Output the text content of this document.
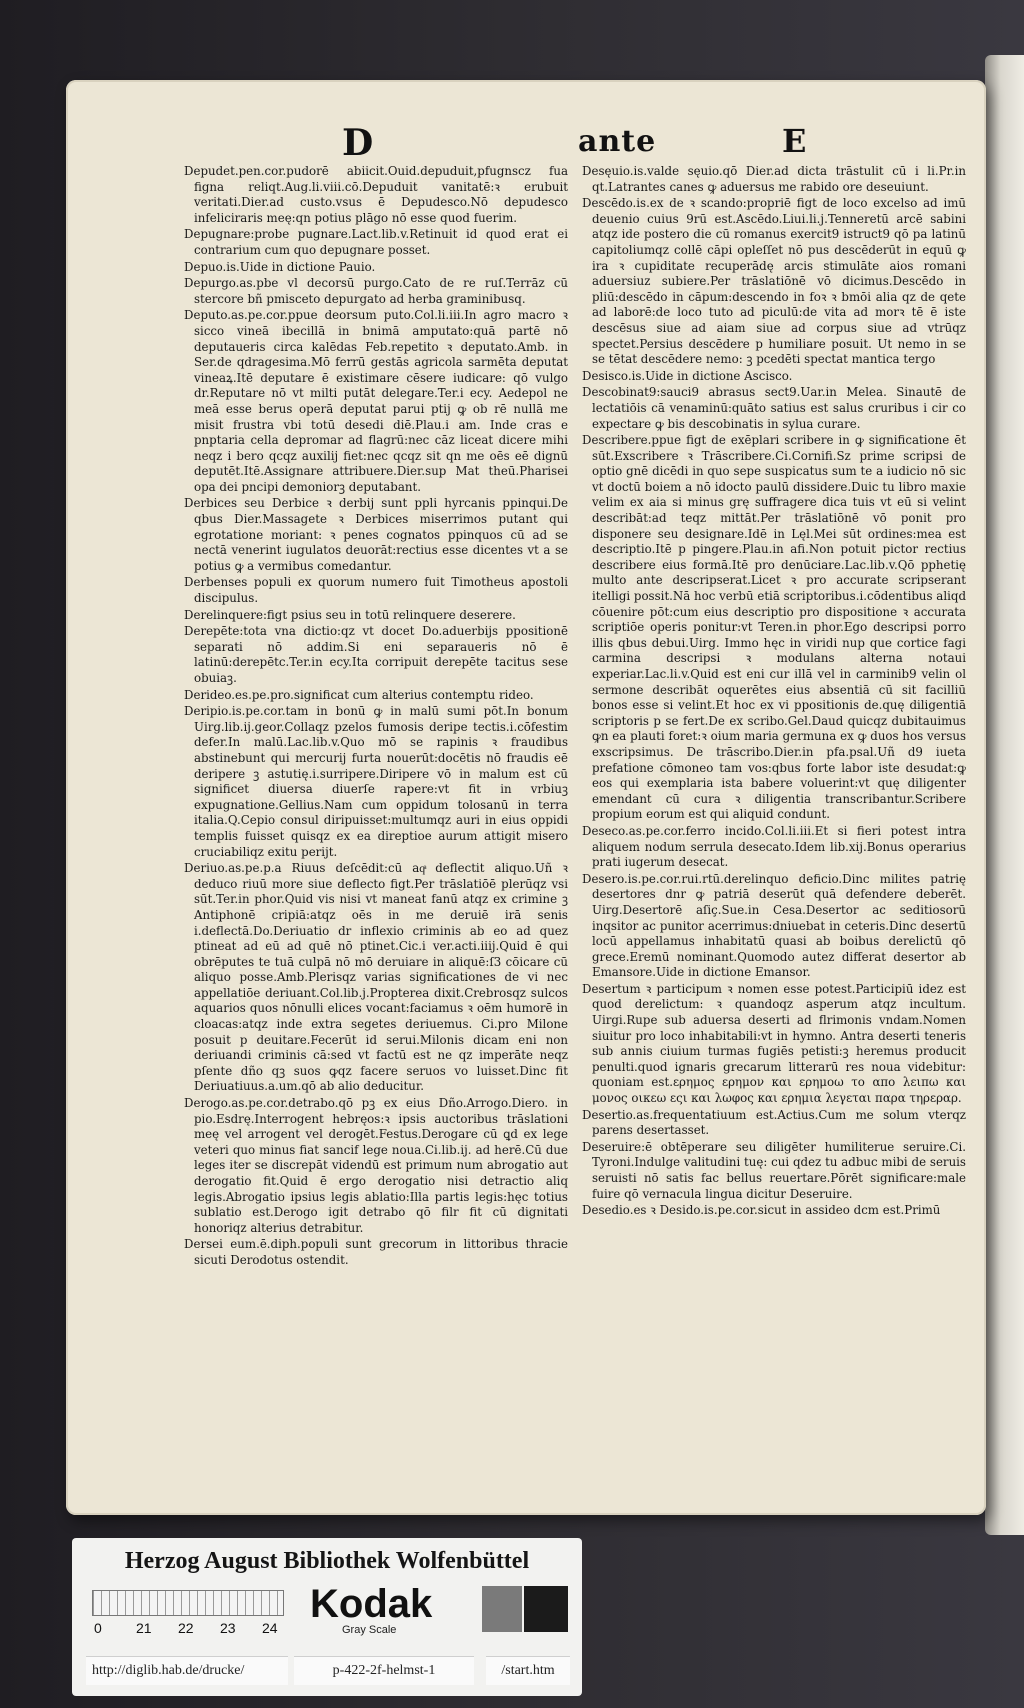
D	ante	E
Depudet.pen.cor.pudorē abiicit.Ouid.depuduit,pfugnscz fua figna reliqt.Aug.li.viii.cō.Depuduit vanitatē:ꝛ erubuit veritati.Dier.ad custo.vsus ē Depudesco.Nō depudesco infeliciraris meę:qn potius plāgo nō esse quod fuerim.
Depugnare:probe pugnare.Lact.lib.v.Retinuit id quod erat ei contrarium cum quo depugnare posset.
Depuo.is.Uide in dictione Pauio.
Depurgo.as.pbe vl decorsū purgo.Cato de re ruſ.Terrāz cū stercore bñ pmisceto depurgato ad herba graminibusq.
Deputo.as.pe.cor.ppue deorsum puto.Col.li.iii.In agro macro ꝛ sicco vineā ibecillā in bnimā amputato:quā partē nō deputaueris circa kalēdas Feb.repetito ꝛ deputato.Amb. in Ser.de qdragesima.Mō ferrū gestās agricola sarmēta deputat vineaꝝ.Itē deputare ē existimare cēsere iudicare: qō vulgo dr.Reputare nō vt milti putāt delegare.Ter.i ecy. Aedepol ne meā esse berus operā deputat parui ptij ꝙ ob rē nullā me misit frustra vbi totū desedi diē.Plau.i am. Inde cras e pnptaria cella depromar ad flagrū:nec cāz liceat dicere mihi neqz i bero qcqz auxilij fiet:nec qcqz sit qn me oēs eē dignū deputēt.Itē.Assignare attribuere.Dier.sup Mat theū.Pharisei opa dei pncipi demoniorꝫ deputabant.
Derbices seu Derbice ꝛ derbij sunt ppli hyrcanis ppinqui.De qbus Dier.Massagete ꝛ Derbices miserrimos putant qui egrotatione moriant: ꝛ penes cognatos ppinquos cū ad se nectā venerint iugulatos deuorāt:rectius esse dicentes vt a se potius ꝙ a vermibus comedantur.
Derbenses populi ex quorum numero fuit Timotheus apostoli discipulus.
Derelinquere:figt psius seu in totū relinquere deserere.
Derepēte:tota vna dictio:qz vt docet Do.aduerbijs ppositionē separati nō addim.Si eni separaueris nō ē latinū:derepētc.Ter.in ecy.Ita corripuit derepēte tacitus sese obuiaꝫ.
Derideo.es.pe.pro.significat cum alterius contemptu rideo.
Deripio.is.pe.cor.tam in bonū ꝙ in malū sumi pōt.In bonum Uirg.lib.ij.geor.Collaqz pzelos fumosis deripe tectis.i.cōfestim defer.In malū.Lac.lib.v.Quo mō se rapinis ꝛ fraudibus abstinebunt qui mercurij furta nouerūt:docētis nō fraudis eē deripere ꝫ astutię.i.surripere.Diripere vō in malum est cū significet diuersa diuerſe rapere:vt fit in vrbiuꝫ expugnatione.Gellius.Nam cum oppidum tolosanū in terra italia.Q.Cepio consul diripuisset:multumqz auri in eius oppidi templis fuisset quisqz ex ea direptioe aurum attigit misero cruciabiliqz exitu perijt.
Deriuo.as.pe.p.a Riuus deſcēdit:cū aqͣ deflectit aliquo.Uñ ꝛ deduco riuū more siue deflecto figt.Per trāslatiōē plerūqz vsi sūt.Ter.in phor.Quid vis nisi vt maneat fanū atqz ex crimine ꝫ Antiphonē cripiā:atqz oēs in me deruiē irā senis i.deflectā.Do.Deriuatio dr inflexio criminis ab eo ad quez ptineat ad eū ad quē nō ptinet.Cic.i ver.acti.iiij.Quid ē qui obrēputes te tuā culpā nō mō deruiare in aliquē:ſ3 cōicare cū aliquo posse.Amb.Plerisqz varias significationes de vi nec appellatiōe deriuant.Col.lib.j.Propterea dixit.Crebrosqz sulcos aquarios quos nōnulli elices vocant:faciamus ꝛ oēm humorē in cloacas:atqz inde extra segetes deriuemus. Ci.pro Milone posuit p deuitare.Fecerūt id serui.Milonis dicam eni non deriuandi criminis cā:sed vt factū est ne qz imperāte neqz pſente dño qꝫ suos ꝙqz facere seruos vo luisset.Dinc fit Deriuatiuus.a.um.qō ab alio deducitur.
Derogo.as.pe.cor.detrabo.qō pꝫ ex eius Dño.Arrogo.Diero. in pio.Esdrę.Interrogent hebręos:ꝛ ipsis auctoribus trāslationi meę vel arrogent vel derogēt.Festus.Derogare cū ꝗd ex lege veteri quo minus fiat sancif lege noua.Ci.lib.ij. ad herē.Cū due leges iter se discrepāt videndū est primum num abrogatio aut derogatio fit.Quid ē ergo derogatio nisi detractio aliq legis.Abrogatio ipsius legis ablatio:Illa partis legis:hęc totius sublatio est.Derogo igit detrabo qō filr fit cū dignitati honoriqz alterius detrabitur.
Dersei eum.ē.diph.populi sunt grecorum in littoribus thracie sicuti Derodotus ostendit.
Desęuio.is.valde sęuio.qō Dier.ad dicta trāstulit cū i li.Pr.in qt.Latrantes canes ꝙ aduersus me rabido ore deseuiunt.
Descēdo.is.ex de ꝛ scando:propriē figt de loco excelso ad imū deuenio cuius 9rū est.Ascēdo.Liui.li.j.Tenneretū arcē sabini atqz ide postero die cū romanus exercit9 istruct9 qō pa latinū capitoliumqz collē cāpi opleſſet nō pus descēderūt in equū ꝙ ira ꝛ cupiditate recuperādę arcis stimulāte aios romani aduersiuz subiere.Per trāslatiōnē vō dicimus.Descēdo in pliū:descēdo in cāpum:descendo in foꝛ ꝛ bmōi alia qz de qete ad laborē:de loco tuto ad piculū:de vita ad morꝛ tē ē iste descēsus siue ad aiam siue ad corpus siue ad vtrūqz spectet.Persius descēdere p humiliare posuit. Ut nemo in se se tētat descēdere nemo: ꝫ pcedēti spectat mantica tergo
Desisco.is.Uide in dictione Ascisco.
Descobinat9:sauci9 abrasus sect9.Uar.in Melea. Sinautē de lectatiōis cā venaminū:quāto satius est salus cruribus i cir co expectare ꝙ bis descobinatis in sylua curare.
Describere.ppue figt de exēplari scribere in ꝙ significatione ēt sūt.Exscribere ꝛ Trāscribere.Ci.Cornifi.Sz prime scripsi de optio gnē dicēdi in quo sepe suspicatus sum te a iudicio nō sic vt doctū boiem a nō idocto paulū dissidere.Duic tu libro maxie velim ex aia si minus grę suffragere dica tuis vt eū si velint describāt:ad teqz mittāt.Per trāslatiōnē vō ponit pro disponere seu designare.Idē in Lęl.Mei sūt ordines:mea est descriptio.Itē p pingere.Plau.in afi.Non potuit pictor rectius describere eius formā.Itē pro denūciare.Lac.lib.v.Qō pphetię multo ante descripserat.Licet ꝛ pro accurate scripserant itelligi possit.Nā hoc verbū etiā scriptoribus.i.cōdentibus aliqd cōuenire pōt:cum eius descriptio pro dispositione ꝛ accurata scriptiōe operis ponitur:vt Teren.in phor.Ego descripsi porro illis qbus debui.Uirg. Immo hęc in viridi nup que cortice fagi carmina descripsi ꝛ modulans alterna notaui experiar.Lac.li.v.Quid est eni cur illā vel in carminib9 velin ol sermone describāt oquerētes eius absentiā cū sit facilliū bonos esse si velint.Et hoc ex vi ppositionis de.quę diligentiā scriptoris p se fert.De ex scribo.Gel.Daud quicqz dubitauimus ꝙn ea plauti foret:ꝛ oium maria germuna ex ꝙ duos hos versus exscripsimus. De trāscribo.Dier.in pfa.psal.Uñ d9 iueta prefatione cōmoneo tam vos:qbus forte labor iste desudat:ꝙ eos qui exemplaria ista babere voluerint:vt quę diligenter emendant cū cura ꝛ diligentia transcribantur.Scribere propium eorum est qui aliquid condunt.
Deseco.as.pe.cor.ferro incido.Col.li.iii.Et si fieri potest intra aliquem nodum serrula desecato.Idem lib.xij.Bonus operarius prati iugerum desecat.
Desero.is.pe.cor.rui.rtū.derelinquo deficio.Dinc milites patrię desertores dnr ꝙ patriā deserūt quā defendere deberēt. Uirg.Desertorē aſiç.Sue.in Cesa.Desertor ac seditiosorū inqsitor ac punitor acerrimus:dniuebat in ceteris.Dinc desertū locū appellamus inhabitatū quasi ab boibus derelictū qō grece.Eremū nominant.Quomodo autez differat desertor ab Emansore.Uide in dictione Emansor.
Desertum ꝛ participum ꝛ nomen esse potest.Participiū idez est quod derelictum: ꝛ quandoqz asperum atqz incultum. Uirgi.Rupe sub aduersa deserti ad flrimonis vndam.Nomen siuitur pro loco inhabitabili:vt in hymno. Antra deserti teneris sub annis ciuium turmas fugiēs petisti:ꝫ heremus producit penulti.quod ignaris grecarum litterarū res noua videbitur: quoniam est.ερημος ερημον και ερημοω το απο λειπω και μονος οικεω εςι και λωφος και ερημια λεγεται παρα τηρεραρ.
Desertio.as.frequentatiuum est.Actius.Cum me solum vterqz parens desertasset.
Deseruire:ē obtēperare seu diligēter humiliterue seruire.Ci. Tyroni.Indulge valitudini tuę: cui qdez tu adbuc mibi de seruis seruisti nō satis fac bellus reuertare.Pōrēt significare:male fuire qō vernacula lingua dicitur Deseruire.
Desedio.es ꝛ Desido.is.pe.cor.sicut in assideo dcm est.Primū
Herzog August Bibliothek Wolfenbüttel
0 21 22 23 24
Kodak
Gray Scale
http://diglib.hab.de/drucke/	p-422-2f-helmst-1	/start.htm
